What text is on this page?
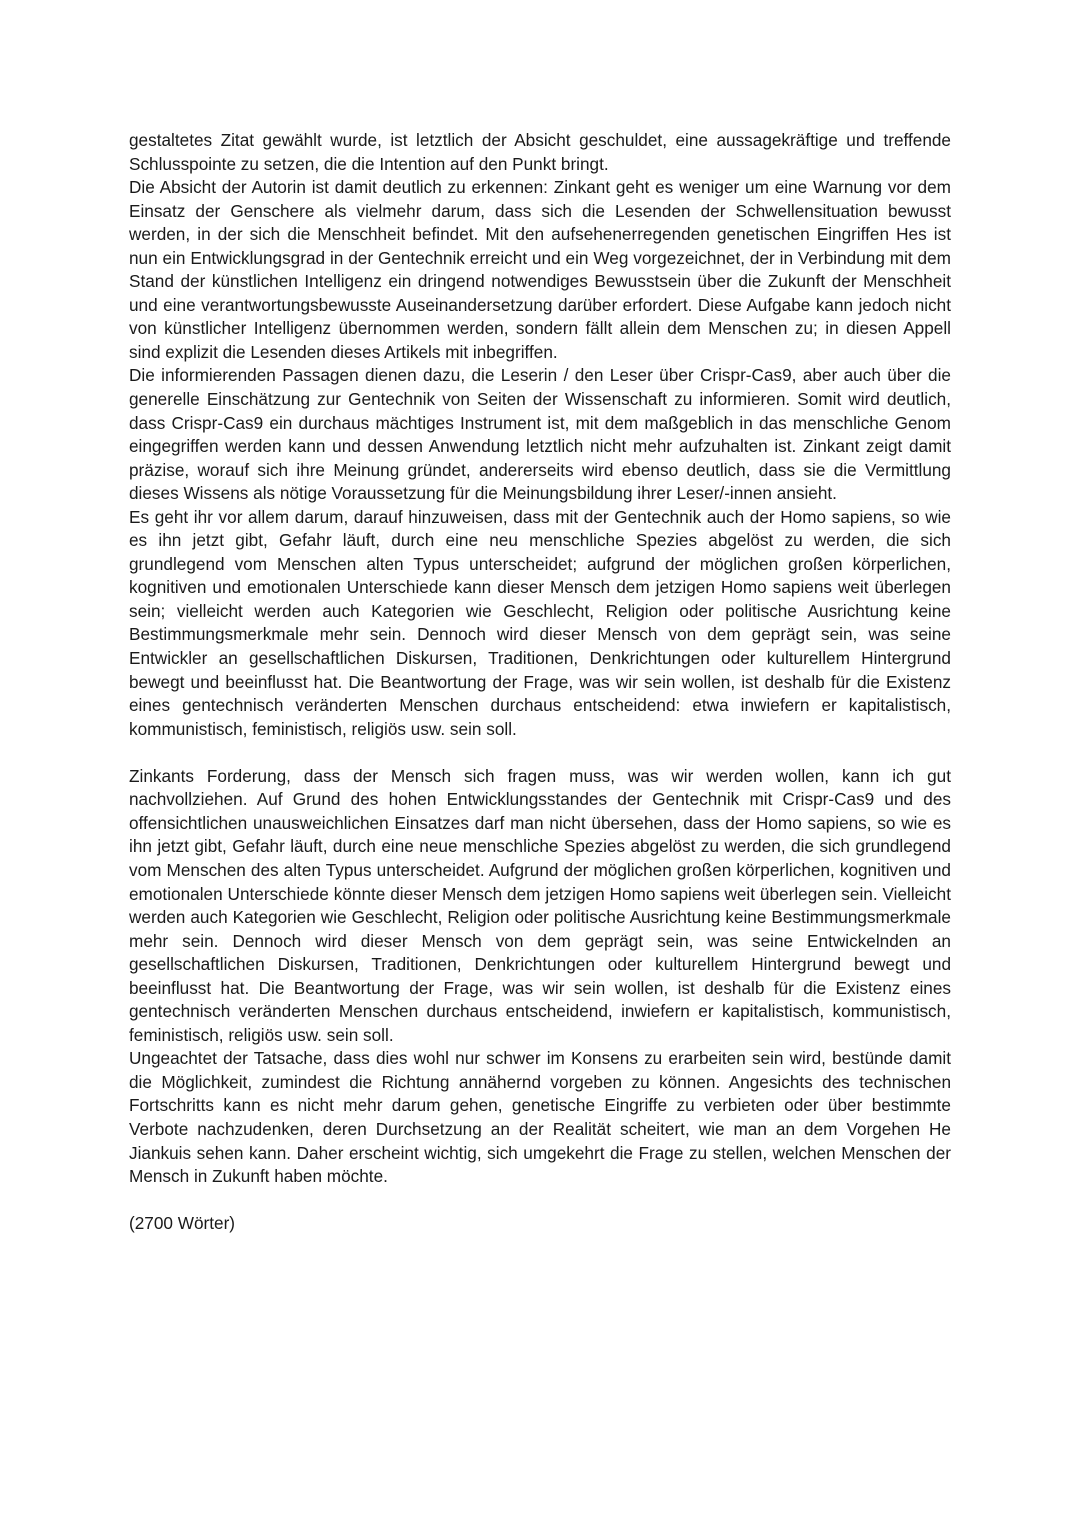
gestaltetes Zitat gewählt wurde, ist letztlich der Absicht geschuldet, eine aussagekräftige und treffende Schlusspointe zu setzen, die die Intention auf den Punkt bringt.

Die Absicht der Autorin ist damit deutlich zu erkennen: Zinkant geht es weniger um eine Warnung vor dem Einsatz der Genschere als vielmehr darum, dass sich die Lesenden der Schwellensituation bewusst werden, in der sich die Menschheit befindet. Mit den aufsehenerregenden genetischen Eingriffen Hes ist nun ein Entwicklungsgrad in der Gentechnik erreicht und ein Weg vorgezeichnet, der in Verbindung mit dem Stand der künstlichen Intelligenz ein dringend notwendiges Bewusstsein über die Zukunft der Menschheit und eine verantwortungsbewusste Auseinandersetzung darüber erfordert. Diese Aufgabe kann jedoch nicht von künstlicher Intelligenz übernommen werden, sondern fällt allein dem Menschen zu; in diesen Appell sind explizit die Lesenden dieses Artikels mit inbegriffen.

Die informierenden Passagen dienen dazu, die Leserin / den Leser über Crispr-Cas9, aber auch über die generelle Einschätzung zur Gentechnik von Seiten der Wissenschaft zu informieren. Somit wird deutlich, dass Crispr-Cas9 ein durchaus mächtiges Instrument ist, mit dem maßgeblich in das menschliche Genom eingegriffen werden kann und dessen Anwendung letztlich nicht mehr aufzuhalten ist. Zinkant zeigt damit präzise, worauf sich ihre Meinung gründet, andererseits wird ebenso deutlich, dass sie die Vermittlung dieses Wissens als nötige Voraussetzung für die Meinungsbildung ihrer Leser/-innen ansieht.

Es geht ihr vor allem darum, darauf hinzuweisen, dass mit der Gentechnik auch der Homo sapiens, so wie es ihn jetzt gibt, Gefahr läuft, durch eine neu menschliche Spezies abgelöst zu werden, die sich grundlegend vom Menschen alten Typus unterscheidet; aufgrund der möglichen großen körperlichen, kognitiven und emotionalen Unterschiede kann dieser Mensch dem jetzigen Homo sapiens weit überlegen sein; vielleicht werden auch Kategorien wie Geschlecht, Religion oder politische Ausrichtung keine Bestimmungsmerkmale mehr sein. Dennoch wird dieser Mensch von dem geprägt sein, was seine Entwickler an gesellschaftlichen Diskursen, Traditionen, Denkrichtungen oder kulturellem Hintergrund bewegt und beeinflusst hat. Die Beantwortung der Frage, was wir sein wollen, ist deshalb für die Existenz eines gentechnisch veränderten Menschen durchaus entscheidend: etwa inwiefern er kapitalistisch, kommunistisch, feministisch, religiös usw. sein soll.

Zinkants Forderung, dass der Mensch sich fragen muss, was wir werden wollen, kann ich gut nachvollziehen. Auf Grund des hohen Entwicklungsstandes der Gentechnik mit Crispr-Cas9 und des offensichtlichen unausweichlichen Einsatzes darf man nicht übersehen, dass der Homo sapiens, so wie es ihn jetzt gibt, Gefahr läuft, durch eine neue menschliche Spezies abgelöst zu werden, die sich grundlegend vom Menschen des alten Typus unterscheidet. Aufgrund der möglichen großen körperlichen, kognitiven und emotionalen Unterschiede könnte dieser Mensch dem jetzigen Homo sapiens weit überlegen sein. Vielleicht werden auch Kategorien wie Geschlecht, Religion oder politische Ausrichtung keine Bestimmungsmerkmale mehr sein. Dennoch wird dieser Mensch von dem geprägt sein, was seine Entwickelnden an gesellschaftlichen Diskursen, Traditionen, Denkrichtungen oder kulturellem Hintergrund bewegt und beeinflusst hat. Die Beantwortung der Frage, was wir sein wollen, ist deshalb für die Existenz eines gentechnisch veränderten Menschen durchaus entscheidend, inwiefern er kapitalistisch, kommunistisch, feministisch, religiös usw. sein soll.

Ungeachtet der Tatsache, dass dies wohl nur schwer im Konsens zu erarbeiten sein wird, bestünde damit die Möglichkeit, zumindest die Richtung annähernd vorgeben zu können. Angesichts des technischen Fortschritts kann es nicht mehr darum gehen, genetische Eingriffe zu verbieten oder über bestimmte Verbote nachzudenken, deren Durchsetzung an der Realität scheitert, wie man an dem Vorgehen He Jiankuis sehen kann. Daher erscheint wichtig, sich umgekehrt die Frage zu stellen, welchen Menschen der Mensch in Zukunft haben möchte.

(2700 Wörter)
